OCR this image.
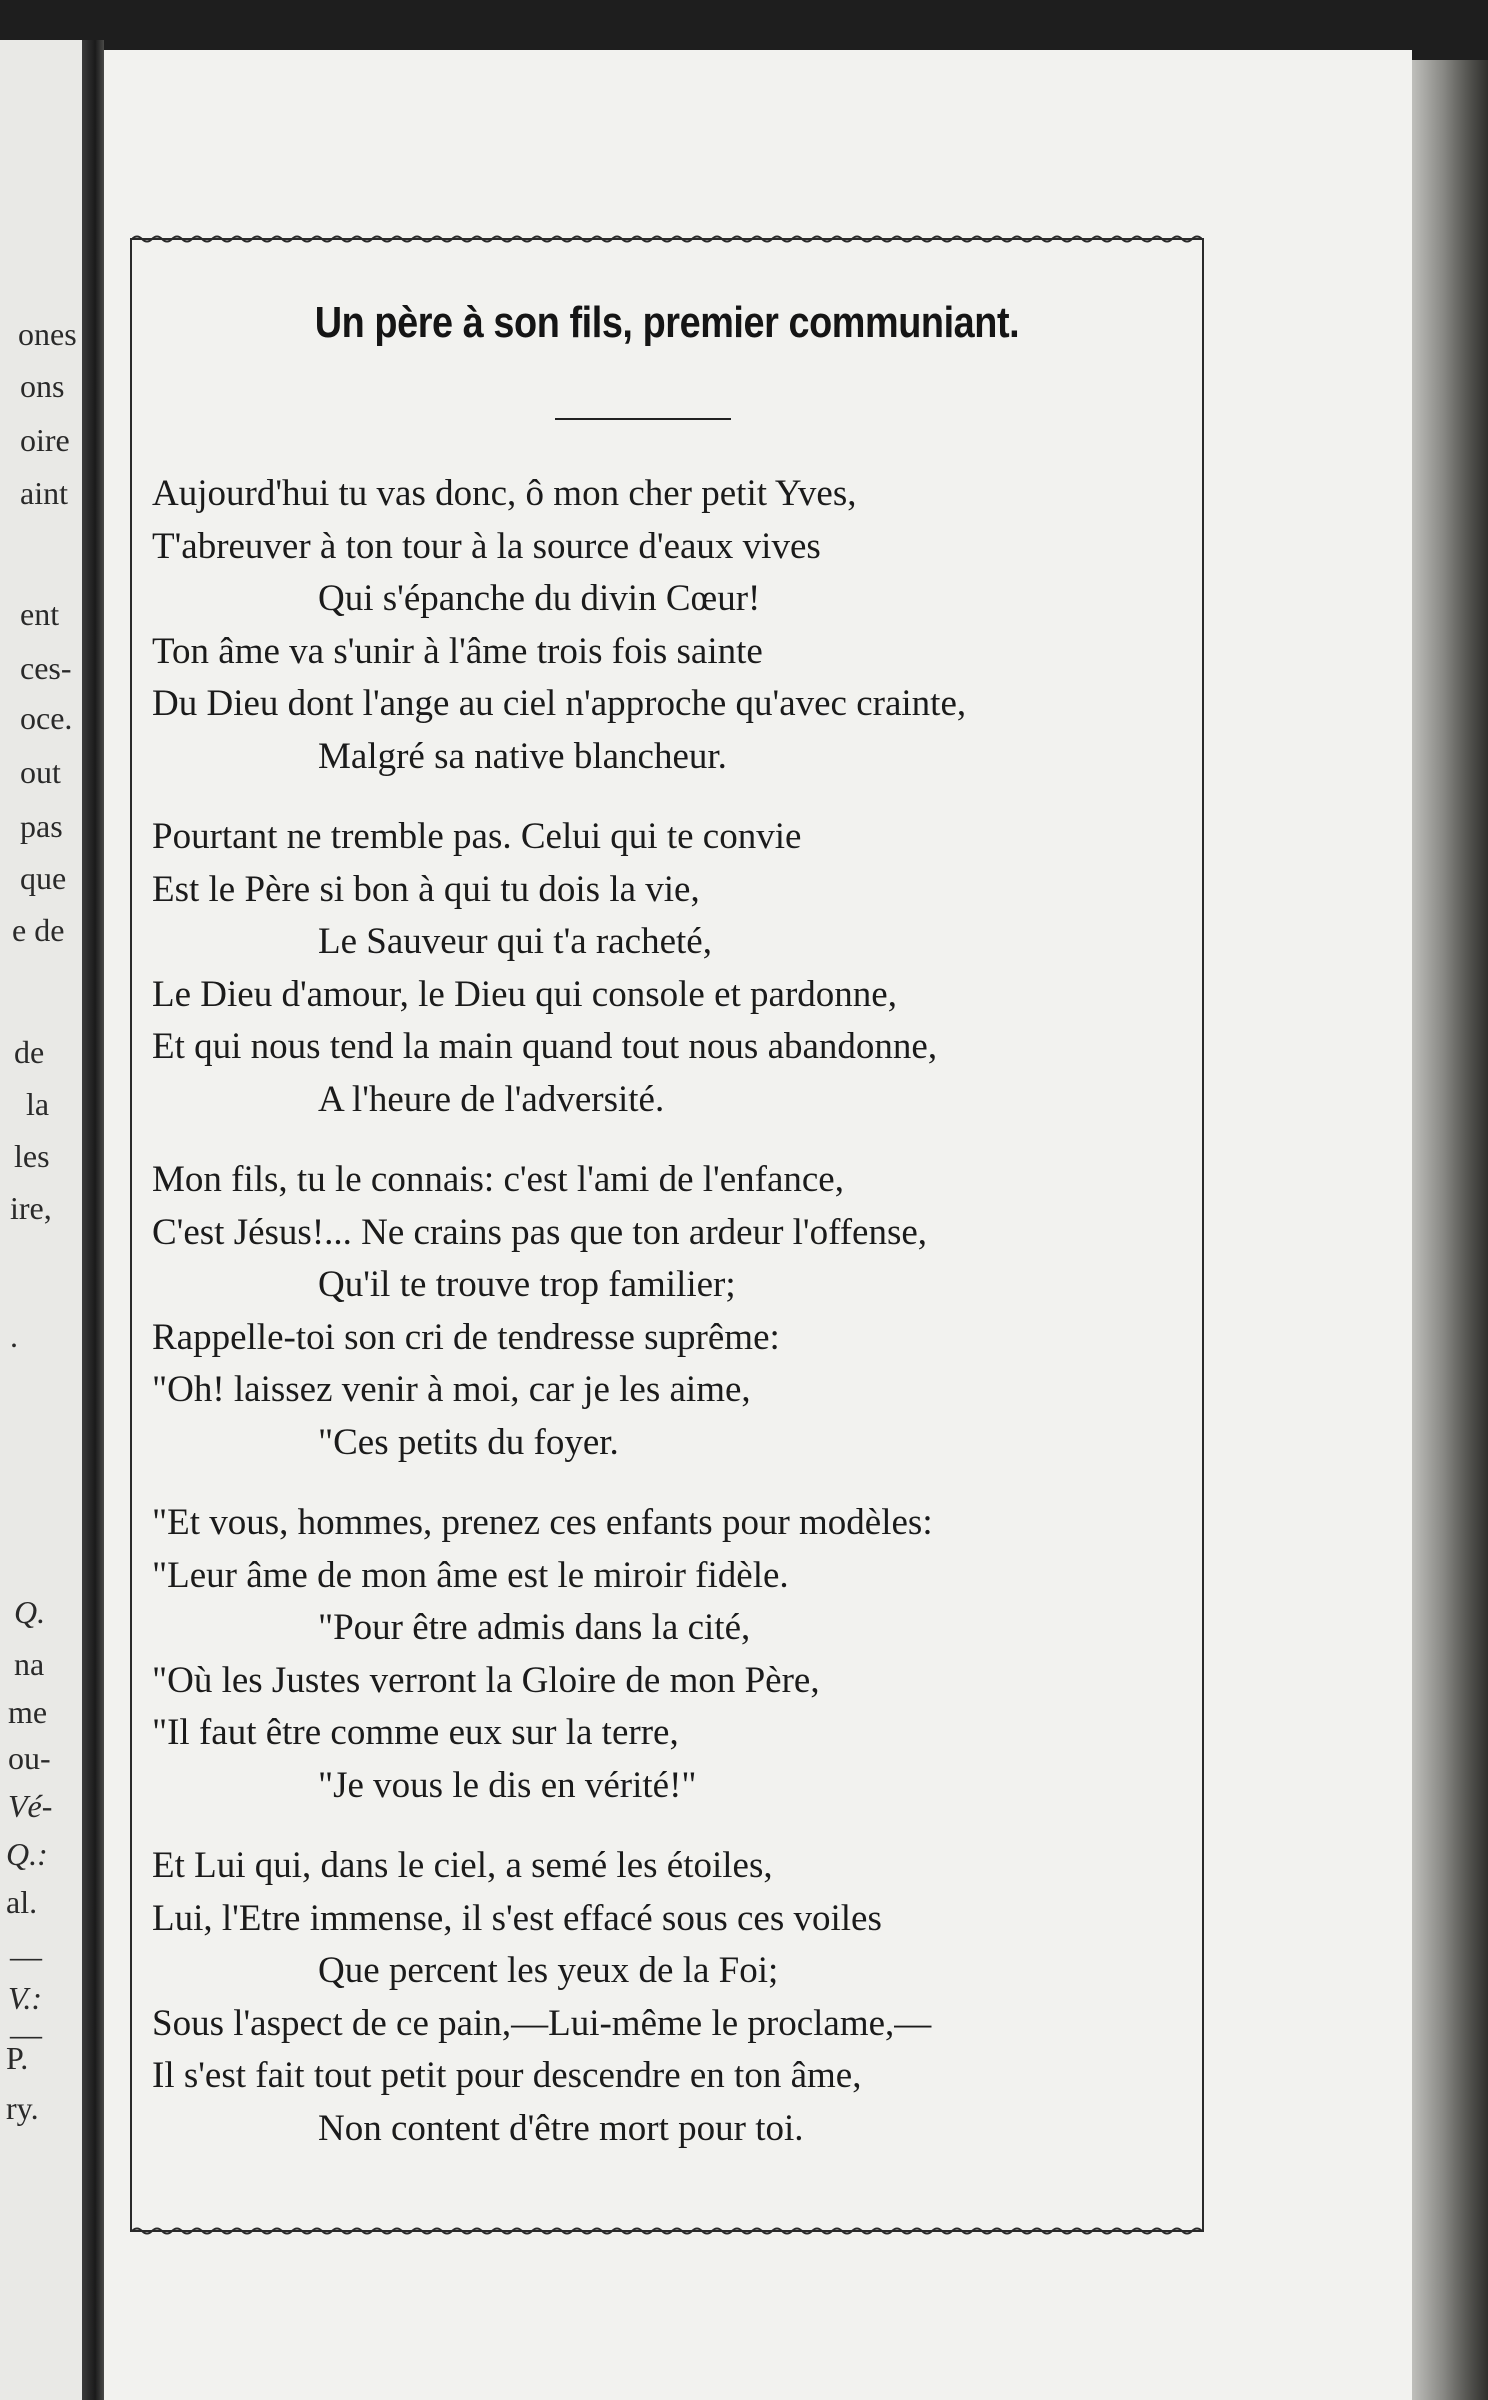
ones
ons
oire
aint
ent
ces-
oce.
out
pas
que
e de
de
la
les
ire,
.
Q.
na
me
ou-
Vé-
Q.:
al.
—
V.:
—
P.
ry.
Un père à son fils, premier communiant.
Aujourd'hui tu vas donc, ô mon cher petit Yves,
T'abreuver à ton tour à la source d'eaux vives
Qui s'épanche du divin Cœur!
Ton âme va s'unir à l'âme trois fois sainte
Du Dieu dont l'ange au ciel n'approche qu'avec crainte,
Malgré sa native blancheur.
Pourtant ne tremble pas. Celui qui te convie
Est le Père si bon à qui tu dois la vie,
Le Sauveur qui t'a racheté,
Le Dieu d'amour, le Dieu qui console et pardonne,
Et qui nous tend la main quand tout nous abandonne,
A l'heure de l'adversité.
Mon fils, tu le connais: c'est l'ami de l'enfance,
C'est Jésus!... Ne crains pas que ton ardeur l'offense,
Qu'il te trouve trop familier;
Rappelle-toi son cri de tendresse suprême:
"Oh! laissez venir à moi, car je les aime,
"Ces petits du foyer.
"Et vous, hommes, prenez ces enfants pour modèles:
"Leur âme de mon âme est le miroir fidèle.
"Pour être admis dans la cité,
"Où les Justes verront la Gloire de mon Père,
"Il faut être comme eux sur la terre,
"Je vous le dis en vérité!"
Et Lui qui, dans le ciel, a semé les étoiles,
Lui, l'Etre immense, il s'est effacé sous ces voiles
Que percent les yeux de la Foi;
Sous l'aspect de ce pain,—Lui-même le proclame,—
Il s'est fait tout petit pour descendre en ton âme,
Non content d'être mort pour toi.
